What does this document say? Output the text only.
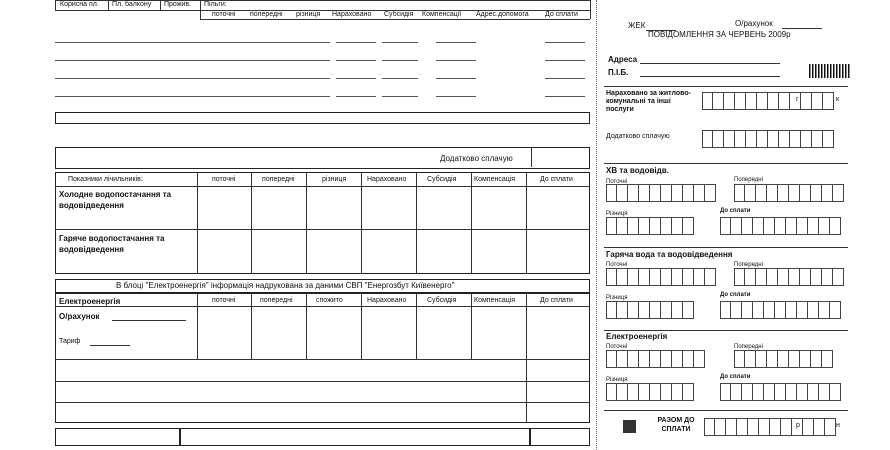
Корисна пл. Пл. балкону Прожив. Пільги:
поточні попередні різниця Нараховано Субсидія Компенсації Адрес.допомога До сплати
Додатково сплачую
Показники лічильників:	поточні	попередні	різниця	Нараховано	Субсидія	Компенсація	До сплати
Холодне водопостачання та водовідведення
Гаряче водопостачання та водовідведення
В блоці "Електроенергія" інформація надрукована за даними СВП "Енергозбут Київенерго"
Електроенергія	поточні	попередні	спожито	Нараховано	Субсидія	Компенсація	До сплати
О/рахунок
Тариф
ЖЕК	О/рахунок
ПОВІДОМЛЕННЯ ЗА ЧЕРВЕНЬ 2009р
Адреса
П.І.Б.
Нараховано за житлово-комунальні та інші послуги
г	к
Додатково сплачую
ХВ та водовідв.
Поточні	Попередні
Різниця	До сплати
Гаряча вода та водовідведення
Поточні	Попередні
Різниця	До сплати
Електроенергія
Поточні	Попередні
Різниця	До сплати
РАЗОМ ДО СПЛАТИ
р	н
